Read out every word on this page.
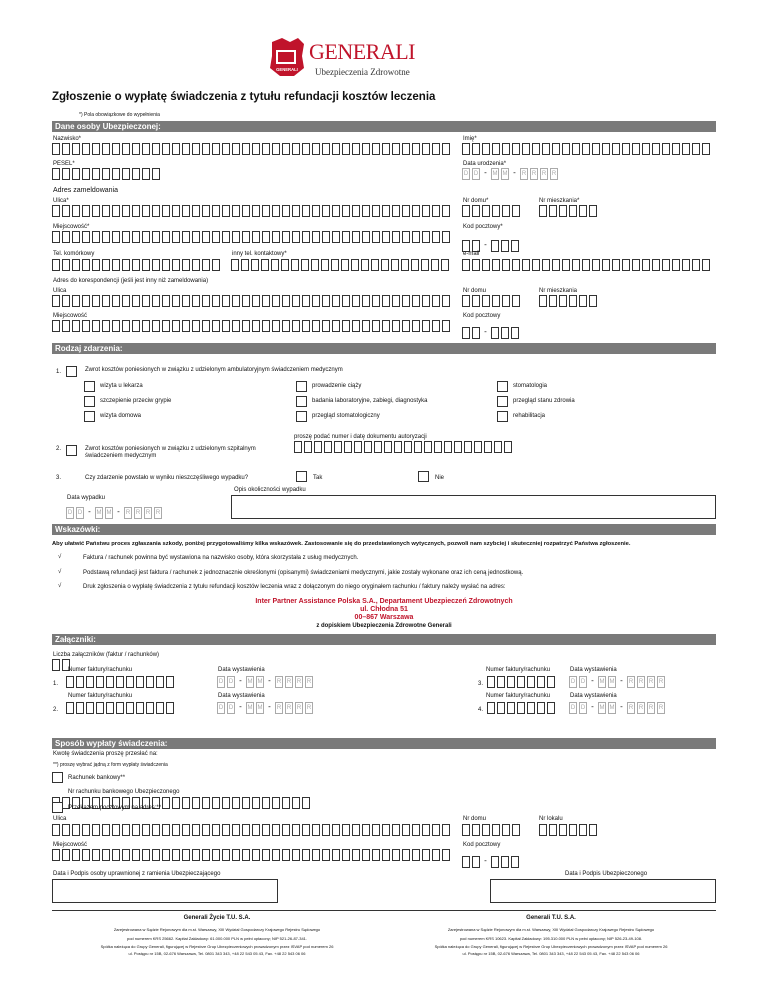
GENERALI
GENERALI
Ubezpieczenia Zdrowotne
Zgłoszenie o wypłatę świadczenia z tytułu refundacji kosztów leczenia
*) Pola obowiązkowe do wypełnienia
Dane osoby Ubezpieczonej:
Nazwisko*	Imię*
PESEL*	Data urodzenia*
D D - M M -	R R R R
Adres zameldowania
Ulica*	Nr domu*	Nr mieszkania*
Miejscowość*	Kod pocztowy*
-
Tel. komórkowy	inny tel. kontaktowy*	e-mail
Adres do korespondencji (jeśli jest inny niż zameldowania)
Ulica	Nr domu	Nr mieszkania
Miejscowość	Kod pocztowy
-
Rodzaj zdarzenia:
1.	Zwrot kosztów poniesionych w związku z udzielonym ambulatoryjnym świadczeniem medycznym
wizyta u lekarza	prowadzenie ciąży	stomatologia
szczepienie przeciw grypie	badania laboratoryjne, zabiegi, diagnostyka	przegląd stanu zdrowia
wizyta domowa	przegląd stomatologiczny	rehabilitacja
proszę podać numer i datę dokumentu autoryzacji
2.	Zwrot kosztów poniesionych w związku z udzielonym szpitalnym
świadczeniem medycznym
3.	Czy zdarzenie powstało w wyniku nieszczęśliwego wypadku?	Tak	Nie
Opis okoliczności wypadku
Data wypadku
D D - M M -	R R R R
Wskazówki:
Aby ułatwić Państwu proces zgłaszania szkody, poniżej przygotowaliśmy kilka wskazówek. Zastosowanie się do przedstawionych wytycznych, pozwoli nam szybciej i skuteczniej rozpatrzyć Państwa zgłoszenie.
√	Faktura / rachunek powinna być wystawiona na nazwisko osoby, która skorzystała z usług medycznych.
√	Podstawą refundacji jest faktura / rachunek z jednoznacznie określonymi (opisanymi) świadczeniami medycznymi, jakie zostały wykonane oraz ich ceną jednostkową.
√	Druk zgłoszenia o wypłatę świadczenia z tytułu refundacji kosztów leczenia wraz z dołączonym do niego oryginałem rachunku / faktury należy wysłać na adres:
Inter Partner Assistance Polska S.A., Departament Ubezpieczeń Zdrowotnych
ul. Chłodna 51
00–867 Warszawa
z dopiskiem Ubezpieczenia Zdrowotne Generali
Załączniki:
Liczba załączników (faktur / rachunków)
Numer faktury/rachunku	Data wystawienia	Numer faktury/rachunku	Data wystawienia
1.	D D - M M -	R R R R	3.	D D - M M -	R R R R
Numer faktury/rachunku	Data wystawienia	Numer faktury/rachunku	Data wystawienia
2.	D D - M M -	R R R R	4.	D D - M M -	R R R R
Sposób wypłaty świadczenia:
Kwotę świadczenia proszę przesłać na:
**) proszę wybrać jądną z form wypłaty świadczenia
Rachunek bankowy**
Nr rachunku bankowego Ubezpieczonego
Przekazem pocztowym na adres:**
Ulica	Nr domu	Nr lokalu
Miejscowość	Kod pocztowy
-
Data i Podpis osoby uprawnionej z ramienia Ubezpieczającego	Data i Podpis Ubezpieczonego
Generali Życie T.U. S.A.
Zarejestrowana w Sądzie Rejonowym dla m.st. Warszawy, XIII Wydział Gospodarczy Krajowego Rejestru Sądowego
pod numerem KRS 25662. Kapitał Zakładowy: 61.000.000 PLN w pełni opłacony; NIP 521-26-87-341.
Spółka należąca do Grupy Generali, figurującej w Rejestrze Grup Ubezpieczeniowych prowadzonym przez ISVAP pod numerem 26
ul. Postępu nr 15B, 02-676 Warszawa, Tel. 0801 343 343, +48 22 543 05 43, Fax. +48 22 543 06 06
Generali T.U. S.A.
Zarejestrowana w Sądzie Rejonowym dla m.st. Warszawy, XIII Wydział Gospodarczy Krajowego Rejestru Sądowego
pod numerem KRS 10623. Kapitał Zakładowy: 195.310.000 PLN w pełni opłacony; NIP 526-23-49-108.
Spółka należąca do Grupy Generali, figurującej w Rejestrze Grup Ubezpieczeniowych prowadzonym przez ISVAP pod numerem 26
ul. Postępu nr 15B, 02-676 Warszawa, Tel. 0801 343 343, +48 22 543 05 43, Fax. +48 22 543 06 06
